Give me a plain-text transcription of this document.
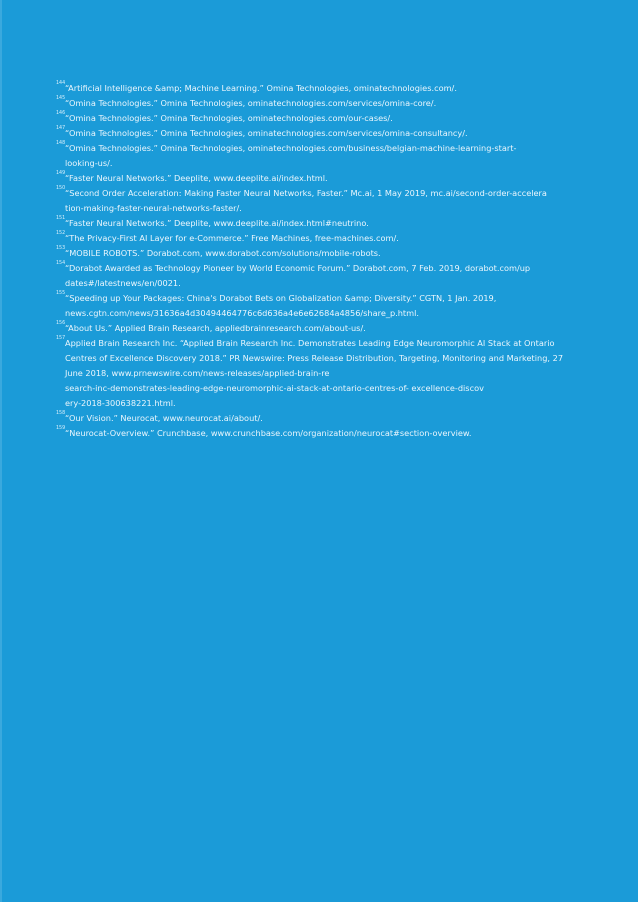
144 “Artificial Intelligence &amp; Machine Learning.” Omina Technologies, ominatechnologies.com/.
145 “Omina Technologies.” Omina Technologies, ominatechnologies.com/services/omina-core/.
146 “Omina Technologies.” Omina Technologies, ominatechnologies.com/our-cases/.
147 “Omina Technologies.” Omina Technologies, ominatechnologies.com/services/omina-consultancy/.
148 “Omina Technologies.” Omina Technologies, ominatechnologies.com/business/belgian-machine-learning-start-
looking-us/.
149 “Faster Neural Networks.” Deeplite, www.deeplite.ai/index.html.
150 “Second Order Acceleration: Making Faster Neural Networks, Faster.” Mc.ai, 1 May 2019, mc.ai/second-order-accelera
tion-making-faster-neural-networks-faster/.
151 “Faster Neural Networks.” Deeplite, www.deeplite.ai/index.html#neutrino.
152 “The Privacy-First AI Layer for e-Commerce.” Free Machines, free-machines.com/.
153 “MOBILE ROBOTS.” Dorabot.com, www.dorabot.com/solutions/mobile-robots.
154 “Dorabot Awarded as Technology Pioneer by World Economic Forum.” Dorabot.com, 7 Feb. 2019, dorabot.com/up
dates#/latestnews/en/0021.
155 “Speeding up Your Packages: China's Dorabot Bets on Globalization &amp; Diversity.” CGTN, 1 Jan. 2019,
news.cgtn.com/news/31636a4d30494464776c6d636a4e6e62684a4856/share_p.html.
156 “About Us.” Applied Brain Research, appliedbrainresearch.com/about-us/.
157 Applied Brain Research Inc. “Applied Brain Research Inc. Demonstrates Leading Edge Neuromorphic AI Stack at Ontario
Centres of Excellence Discovery 2018.” PR Newswire: Press Release Distribution, Targeting, Monitoring and Marketing, 27
June 2018, www.prnewswire.com/news-releases/applied-brain-re
search-inc-demonstrates-leading-edge-neuromorphic-ai-stack-at-ontario-centres-of- excellence-discov
ery-2018-300638221.html.
158 “Our Vision.” Neurocat, www.neurocat.ai/about/.
159 “Neurocat-Overview.” Crunchbase, www.crunchbase.com/organization/neurocat#section-overview.
